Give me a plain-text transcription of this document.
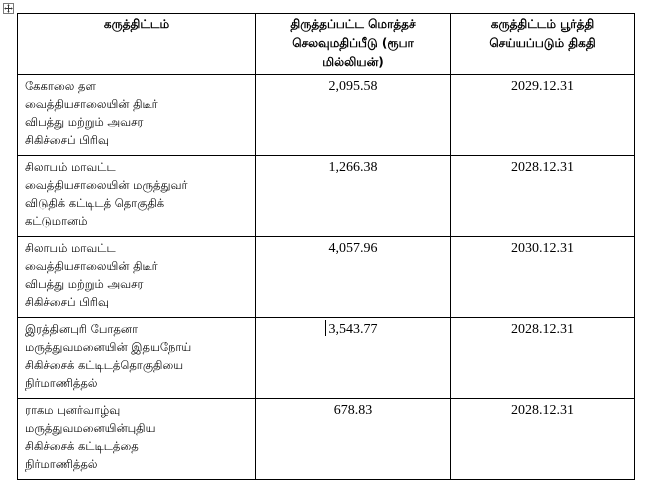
கருத்திட்டம்	திருத்தப்பட்ட மொத்தச் செலவுமதிப்பீடு (ரூபா மில்லியன்)	கருத்திட்டம் பூர்த்தி செய்யப்படும் திகதி

கேகாலை தள
வைத்தியசாலையின் திடீர்
விபத்து மற்றும் அவசர
சிகிச்சைப் பிரிவு	2,095.58	2029.12.31

சிலாபம் மாவட்ட
வைத்தியசாலையின் மருத்துவர்
விடுதிக் கட்டிடத் தொகுதிக்
கட்டுமானம்	1,266.38	2028.12.31

சிலாபம் மாவட்ட
வைத்தியசாலையின் திடீர்
விபத்து மற்றும் அவசர
சிகிச்சைப் பிரிவு	4,057.96	2030.12.31

இரத்தினபுரி போதனா
மருத்துவமனையின் இதயநோய்
சிகிச்சைக் கட்டிடத்தொகுதியை
நிர்மாணித்தல்	3,543.77	2028.12.31

ராகம புனர்வாழ்வு
மருத்துவமனையின்புதிய
சிகிச்சைக் கட்டிடத்தை
நிர்மாணித்தல்	678.83	2028.12.31
